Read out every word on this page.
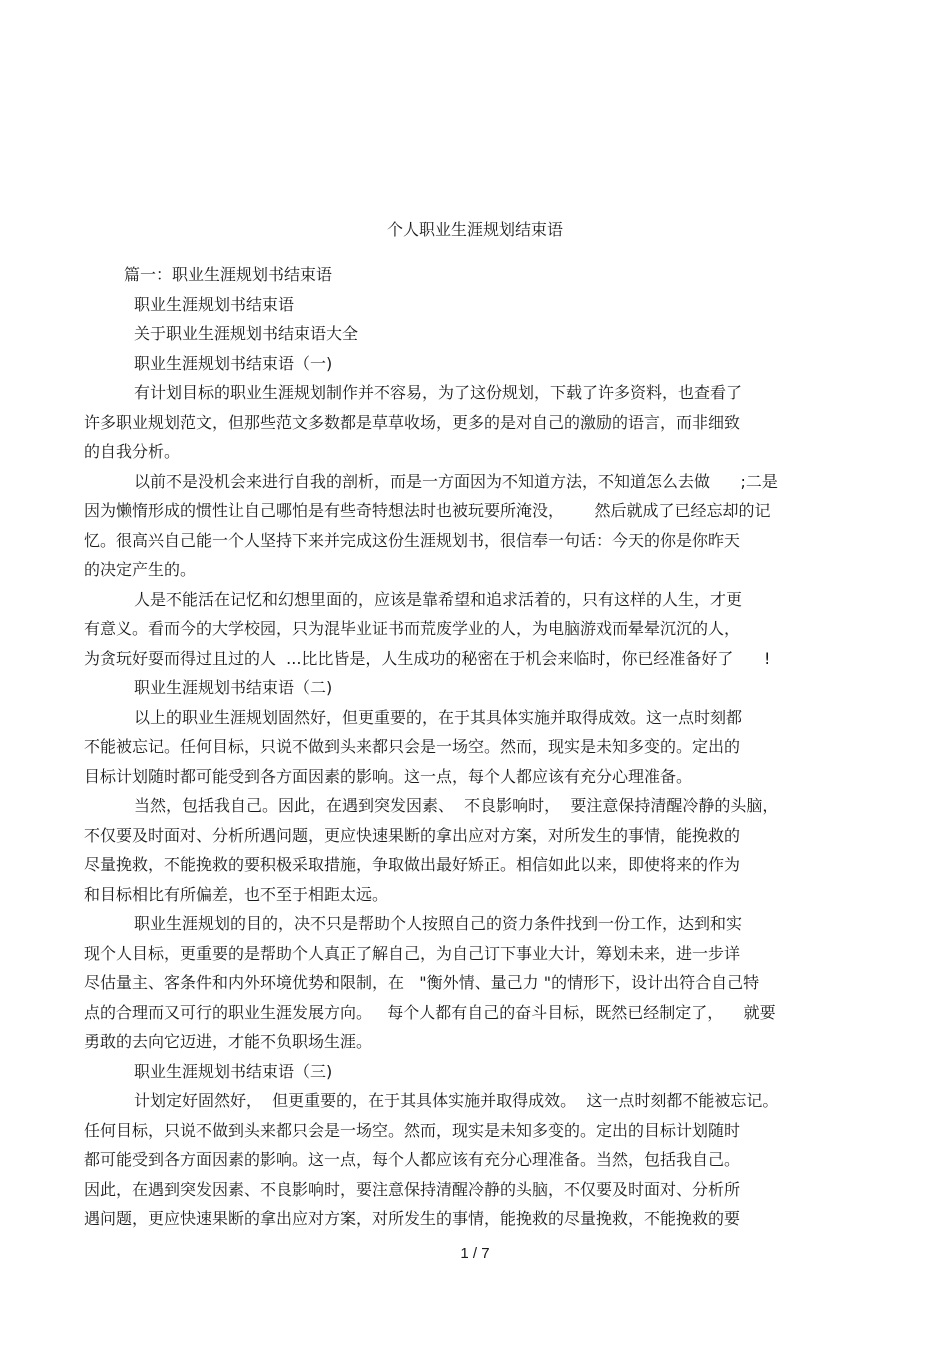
个人职业生涯规划结束语
篇一：职业生涯规划书结束语
职业生涯规划书结束语
关于职业生涯规划书结束语大全
职业生涯规划书结束语（一)
有计划目标的职业生涯规划制作并不容易，为了这份规划，下载了许多资料，也查看了
许多职业规划范文，但那些范文多数都是草草收场，更多的是对自己的激励的语言，而非细致
的自我分析。
以前不是没机会来进行自我的剖析，而是一方面因为不知道方法，不知道怎么去做      ;二是
因为懒惰形成的惯性让自己哪怕是有些奇特想法时也被玩要所淹没，      然后就成了已经忘却的记
忆。很高兴自己能一个人坚持下来并完成这份生涯规划书，很信奉一句话：今天的你是你昨天
的决定产生的。
人是不能活在记忆和幻想里面的，应该是靠希望和追求活着的，只有这样的人生，才更
有意义。看而今的大学校园，只为混毕业证书而荒废学业的人，为电脑游戏而晕晕沉沉的人，
为贪玩好耍而得过且过的人  ...比比皆是，人生成功的秘密在于机会来临时，你已经准备好了      !
职业生涯规划书结束语（二)
以上的职业生涯规划固然好，但更重要的，在于其具体实施并取得成效。这一点时刻都
不能被忘记。任何目标，只说不做到头来都只会是一场空。然而，现实是未知多变的。定出的
目标计划随时都可能受到各方面因素的影响。这一点，每个人都应该有充分心理准备。
当然，包括我自己。因此，在遇到突发因素、  不良影响时，  要注意保持清醒冷静的头脑，
不仅要及时面对、分析所遇问题，更应快速果断的拿出应对方案，对所发生的事情，能挽救的
尽量挽救，不能挽救的要积极采取措施，争取做出最好矫正。相信如此以来，即使将来的作为
和目标相比有所偏差，也不至于相距太远。
职业生涯规划的目的，决不只是帮助个人按照自己的资力条件找到一份工作，达到和实
现个人目标，更重要的是帮助个人真正了解自己，为自己订下事业大计，筹划未来，进一步详
尽估量主、客条件和内外环境优势和限制，在   "衡外情、量己力 "的情形下，设计出符合自己特
点的合理而又可行的职业生涯发展方向。   每个人都有自己的奋斗目标，既然已经制定了，    就要
勇敢的去向它迈进，才能不负职场生涯。
职业生涯规划书结束语（三)
计划定好固然好，  但更重要的，在于其具体实施并取得成效。  这一点时刻都不能被忘记。
任何目标，只说不做到头来都只会是一场空。然而，现实是未知多变的。定出的目标计划随时
都可能受到各方面因素的影响。这一点，每个人都应该有充分心理准备。当然，包括我自己。
因此，在遇到突发因素、不良影响时，要注意保持清醒冷静的头脑，不仅要及时面对、分析所
遇问题，更应快速果断的拿出应对方案，对所发生的事情，能挽救的尽量挽救，不能挽救的要
1 / 7
